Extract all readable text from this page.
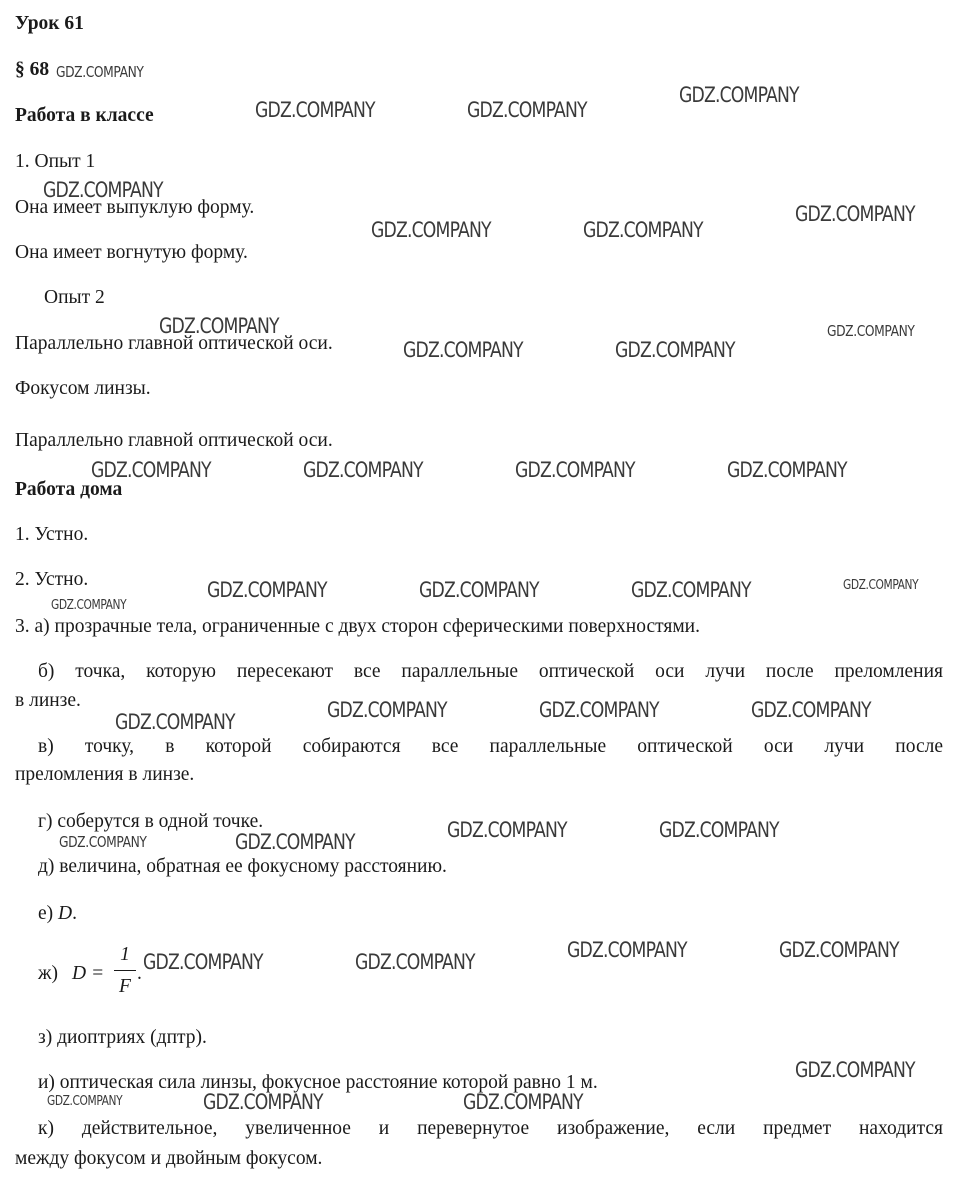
Урок 61
§ 68
Работа в классе
1. Опыт 1
Она имеет выпуклую форму.
Она имеет вогнутую форму.
Опыт 2
Параллельно главной оптической оси.
Фокусом линзы.
Параллельно главной оптической оси.
Работа дома
1. Устно.
2. Устно.
3. а) прозрачные тела, ограниченные с двух сторон сферическими поверхностями.
б) точка, которую пересекают все параллельные оптической оси лучи после преломления
в линзе.
в) точку, в которой собираются все параллельные оптической оси лучи после
преломления в линзе.
г) соберутся в одной точке.
д) величина, обратная ее фокусному расстоянию.
е) D.
ж) D =
1
F
.
з) диоптриях (дптр).
и) оптическая сила линзы, фокусное расстояние которой равно 1 м.
к) действительное, увеличенное и перевернутое изображение, если предмет находится
между фокусом и двойным фокусом.
GDZ.COMPANY
GDZ.COMPANY	GDZ.COMPANY
GDZ.COMPANY
GDZ.COMPANY
GDZ.COMPANY	GDZ.COMPANY
GDZ.COMPANY
GDZ.COMPANY
GDZ.COMPANY	GDZ.COMPANY
GDZ.COMPANY
GDZ.COMPANY	GDZ.COMPANY	GDZ.COMPANY	GDZ.COMPANY
GDZ.COMPANY	GDZ.COMPANY	GDZ.COMPANY	GDZ.COMPANY
GDZ.COMPANY
GDZ.COMPANY	GDZ.COMPANY	GDZ.COMPANY	GDZ.COMPANY
GDZ.COMPANY	GDZ.COMPANY	GDZ.COMPANY	GDZ.COMPANY
GDZ.COMPANY	GDZ.COMPANY	GDZ.COMPANY	GDZ.COMPANY
GDZ.COMPANY
GDZ.COMPANY	GDZ.COMPANY	GDZ.COMPANY
